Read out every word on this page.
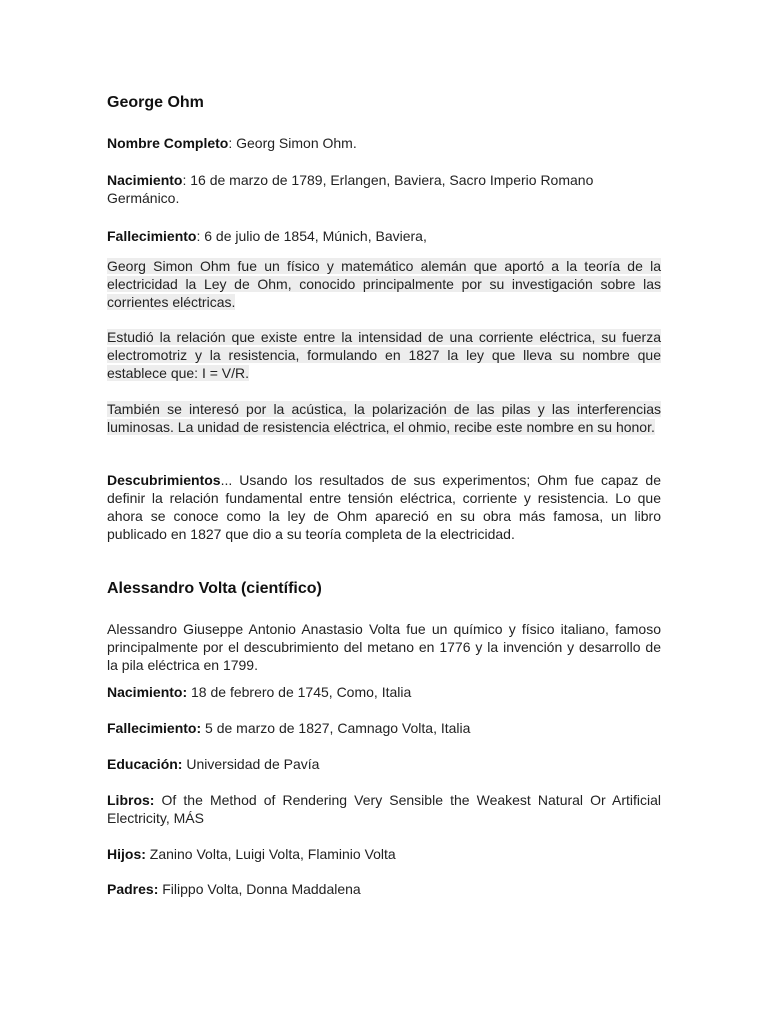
George Ohm

Nombre Completo: Georg Simon Ohm.

Nacimiento: 16 de marzo de 1789, Erlangen, Baviera, Sacro Imperio Romano Germánico.

Fallecimiento: 6 de julio de 1854, Múnich, Baviera,

Georg Simon Ohm fue un físico y matemático alemán que aportó a la teoría de la electricidad la Ley de Ohm, conocido principalmente por su investigación sobre las corrientes eléctricas.

Estudió la relación que existe entre la intensidad de una corriente eléctrica, su fuerza electromotriz y la resistencia, formulando en 1827 la ley que lleva su nombre que establece que: I = V/R.

También se interesó por la acústica, la polarización de las pilas y las interferencias luminosas. La unidad de resistencia eléctrica, el ohmio, recibe este nombre en su honor.

Descubrimientos... Usando los resultados de sus experimentos; Ohm fue capaz de definir la relación fundamental entre tensión eléctrica, corriente y resistencia. Lo que ahora se conoce como la ley de Ohm apareció en su obra más famosa, un libro publicado en 1827 que dio a su teoría completa de la electricidad.

Alessandro Volta (científico)

Alessandro Giuseppe Antonio Anastasio Volta fue un químico y físico italiano, famoso principalmente por el descubrimiento del metano en 1776 y la invención y desarrollo de la pila eléctrica en 1799.

Nacimiento: 18 de febrero de 1745, Como, Italia

Fallecimiento: 5 de marzo de 1827, Camnago Volta, Italia

Educación: Universidad de Pavía

Libros: Of the Method of Rendering Very Sensible the Weakest Natural Or Artificial Electricity, MÁS

Hijos: Zanino Volta, Luigi Volta, Flaminio Volta

Padres: Filippo Volta, Donna Maddalena
